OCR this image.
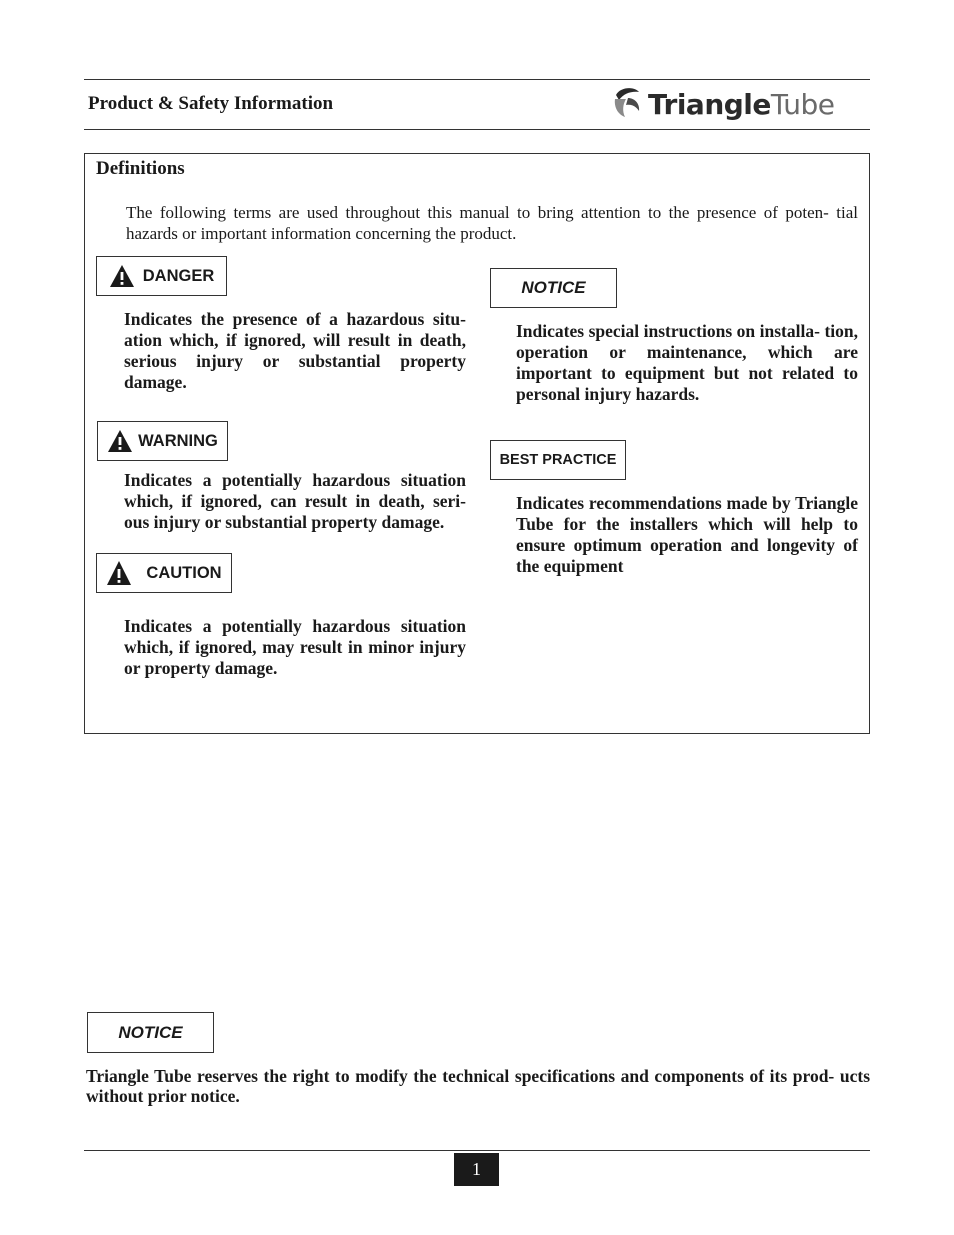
Product & Safety Information	TriangleTube
Definitions
The following terms are used throughout this manual to bring attention to the presence of poten- tial hazards or important information concerning the product.
DANGER
Indicates the presence of a hazardous situ- ation which, if ignored, will result in death, serious injury or substantial property damage.
WARNING
Indicates a potentially hazardous situation which, if ignored, can result in death, seri- ous injury or substantial property damage.
CAUTION
Indicates a potentially hazardous situation which, if ignored, may result in minor injury or property damage.
NOTICE
Indicates special instructions on installa- tion, operation or maintenance, which are important to equipment but not related to personal injury hazards.
BEST PRACTICE
Indicates recommendations made by Triangle Tube for the installers which will help to ensure optimum operation and longevity of the equipment
NOTICE
Triangle Tube reserves the right to modify the technical specifications and components of its prod- ucts without prior notice.
1
